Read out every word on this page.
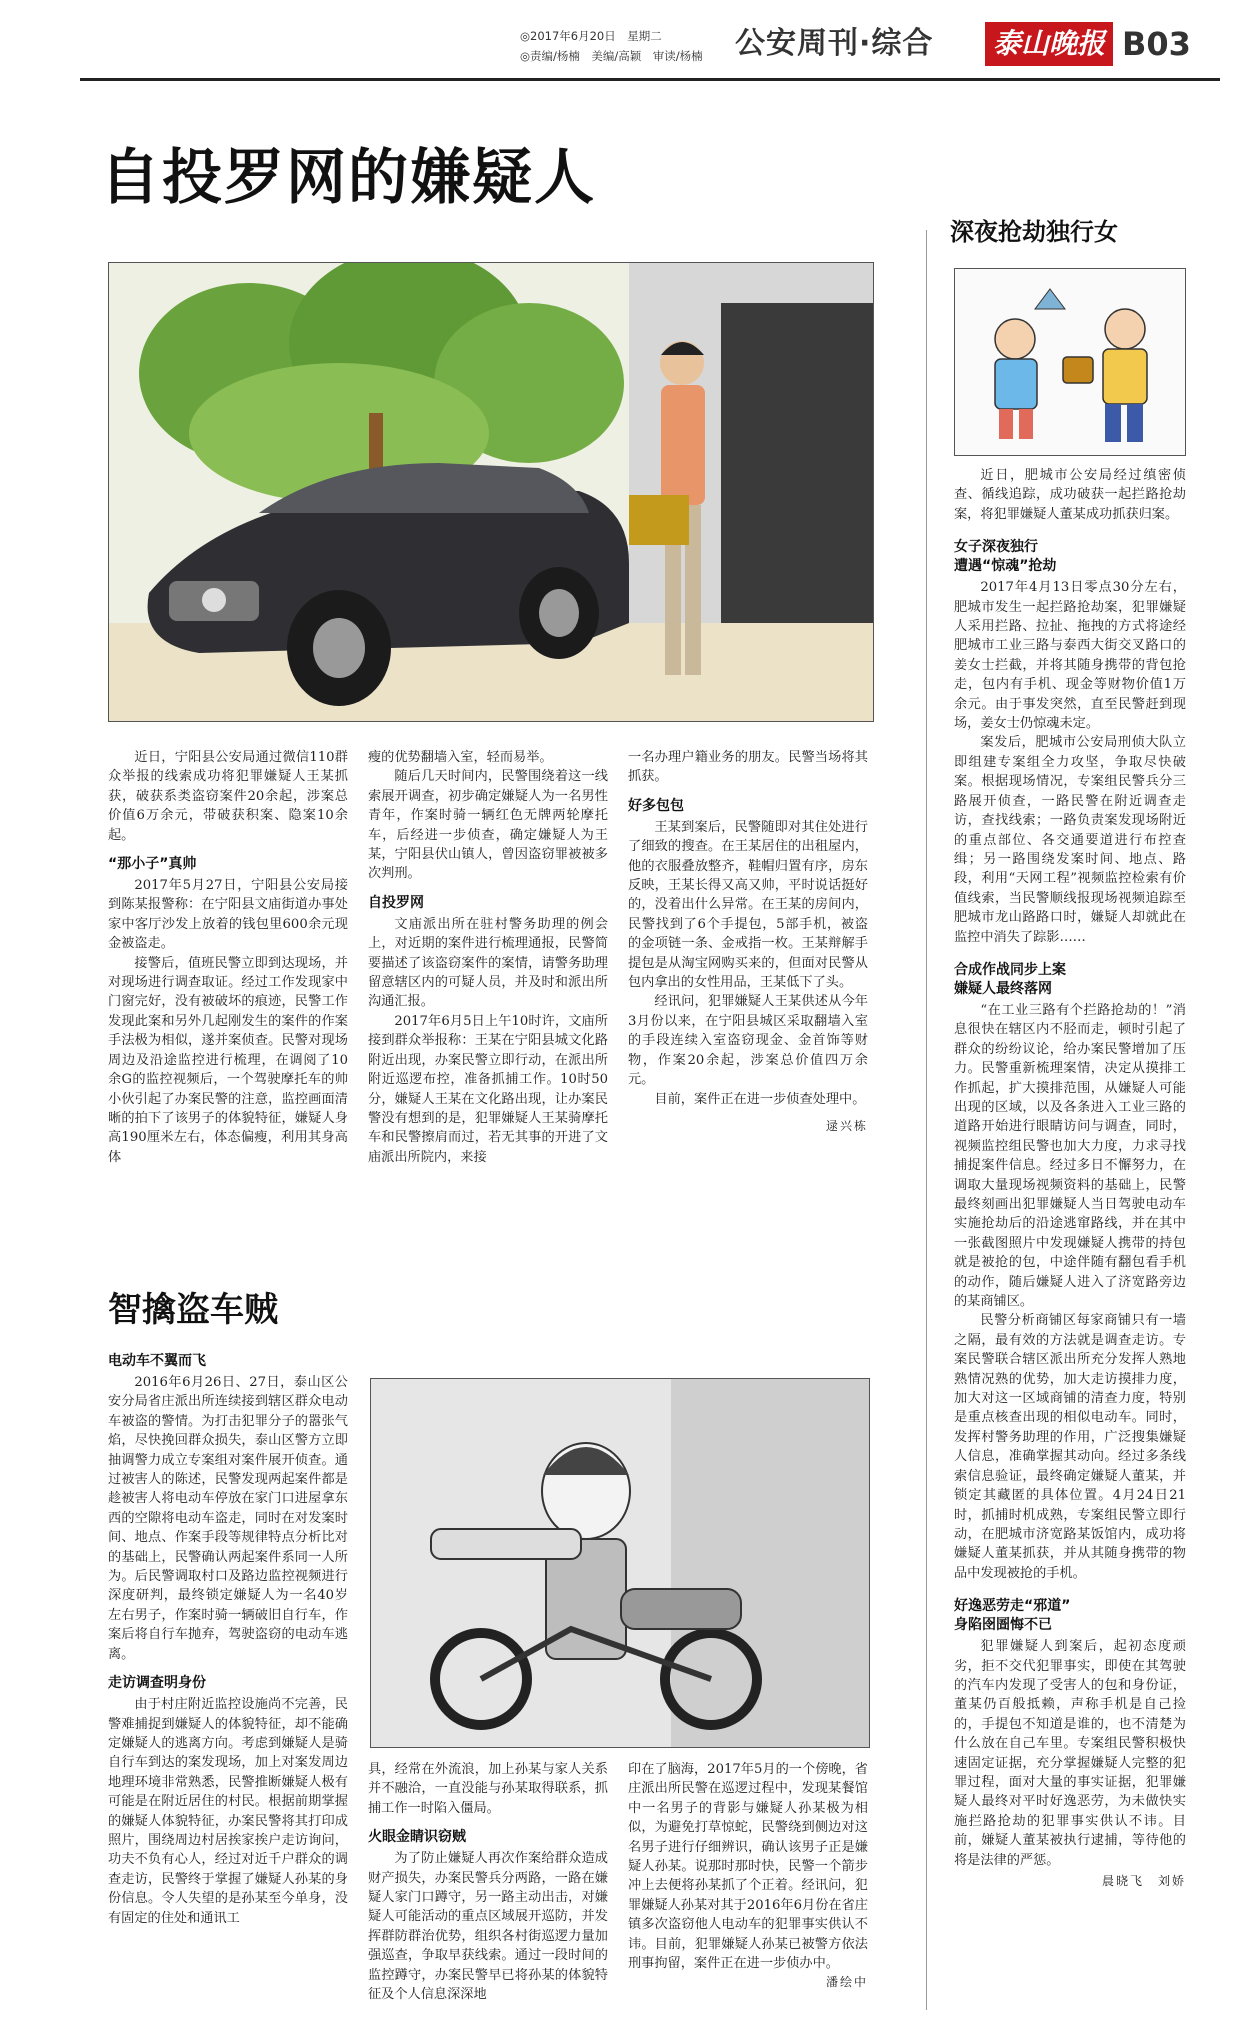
◎2017年6月20日　星期二
◎责编/杨楠　美编/高颖　审读/杨楠 公安周刊·综合 泰山晚报 B03
自投罗网的嫌疑人

近日，宁阳县公安局通过微信110群众举报的线索成功将犯罪嫌疑人王某抓获，破获系类盗窃案件20余起，涉案总价值6万余元，带破获积案、隐案10余起。

“那小子”真帅

2017年5月27日，宁阳县公安局接到陈某报警称：在宁阳县文庙街道办事处家中客厅沙发上放着的钱包里600余元现金被盗走。

接警后，值班民警立即到达现场，并对现场进行调查取证。经过工作发现家中门窗完好，没有被破坏的痕迹，民警工作发现此案和另外几起刚发生的案件的作案手法极为相似，遂并案侦查。民警对现场周边及沿途监控进行梳理，在调阅了10余G的监控视频后，一个驾驶摩托车的帅小伙引起了办案民警的注意，监控画面清晰的拍下了该男子的体貌特征，嫌疑人身高190厘米左右，体态偏瘦，利用其身高体

瘦的优势翻墙入室，轻而易举。

随后几天时间内，民警围绕着这一线索展开调查，初步确定嫌疑人为一名男性青年，作案时骑一辆红色无牌两轮摩托车，后经进一步侦查，确定嫌疑人为王某，宁阳县伏山镇人，曾因盗窃罪被被多次判刑。

自投罗网

文庙派出所在驻村警务助理的例会上，对近期的案件进行梳理通报，民警简要描述了该盗窃案件的案情，请警务助理留意辖区内的可疑人员，并及时和派出所沟通汇报。

2017年6月5日上午10时许，文庙所接到群众举报称：王某在宁阳县城文化路附近出现，办案民警立即行动，在派出所附近巡逻布控，准备抓捕工作。10时50分，嫌疑人王某在文化路出现，让办案民警没有想到的是，犯罪嫌疑人王某骑摩托车和民警擦肩而过，若无其事的开进了文庙派出所院内，来接

一名办理户籍业务的朋友。民警当场将其抓获。

好多包包

王某到案后，民警随即对其住处进行了细致的搜查。在王某居住的出租屋内，他的衣服叠放整齐，鞋帽归置有序，房东反映，王某长得又高又帅，平时说话挺好的，没着出什么异常。在王某的房间内，民警找到了6个手提包，5部手机，被盗的金项链一条、金戒指一枚。王某辩解手提包是从淘宝网购买来的，但面对民警从包内拿出的女性用品，王某低下了头。

经讯问，犯罪嫌疑人王某供述从今年3月份以来，在宁阳县城区采取翻墙入室的手段连续入室盗窃现金、金首饰等财物，作案20余起，涉案总价值四万余元。

目前，案件正在进一步侦查处理中。

逯兴栋

智擒盗车贼
电动车不翼而飞

2016年6月26日、27日，泰山区公安分局省庄派出所连续接到辖区群众电动车被盗的警情。为打击犯罪分子的嚣张气焰，尽快挽回群众损失，泰山区警方立即抽调警力成立专案组对案件展开侦查。通过被害人的陈述，民警发现两起案件都是趁被害人将电动车停放在家门口进屋拿东西的空隙将电动车盗走，同时在对发案时间、地点、作案手段等规律特点分析比对的基础上，民警确认两起案件系同一人所为。后民警调取村口及路边监控视频进行深度研判，最终锁定嫌疑人为一名40岁左右男子，作案时骑一辆破旧自行车，作案后将自行车抛弃，驾驶盗窃的电动车逃离。

走访调查明身份

由于村庄附近监控设施尚不完善，民警难捕捉到嫌疑人的体貌特征，却不能确定嫌疑人的逃离方向。考虑到嫌疑人是骑自行车到达的案发现场，加上对案发周边地理环境非常熟悉，民警推断嫌疑人极有可能是在附近居住的村民。根据前期掌握的嫌疑人体貌特征，办案民警将其打印成照片，围绕周边村居挨家挨户走访询问，功夫不负有心人，经过对近千户群众的调查走访，民警终于掌握了嫌疑人孙某的身份信息。令人失望的是孙某至今单身，没有固定的住处和通讯工

具，经常在外流浪，加上孙某与家人关系并不融洽，一直没能与孙某取得联系，抓捕工作一时陷入僵局。

火眼金睛识窃贼

为了防止嫌疑人再次作案给群众造成财产损失，办案民警兵分两路，一路在嫌疑人家门口蹲守，另一路主动出击，对嫌疑人可能活动的重点区域展开巡防，并发挥群防群治优势，组织各村街巡逻力量加强巡查，争取早获线索。通过一段时间的监控蹲守，办案民警早已将孙某的体貌特征及个人信息深深地

印在了脑海，2017年5月的一个傍晚，省庄派出所民警在巡逻过程中，发现某餐馆中一名男子的背影与嫌疑人孙某极为相似，为避免打草惊蛇，民警绕到侧边对这名男子进行仔细辨识，确认该男子正是嫌疑人孙某。说那时那时快，民警一个箭步冲上去便将孙某抓了个正着。经讯问，犯罪嫌疑人孙某对其于2016年6月份在省庄镇多次盗窃他人电动车的犯罪事实供认不讳。目前，犯罪嫌疑人孙某已被警方依法刑事拘留，案件正在进一步侦办中。

潘绘中

深夜抢劫独行女

近日，肥城市公安局经过缜密侦查、循线追踪，成功破获一起拦路抢劫案，将犯罪嫌疑人董某成功抓获归案。

女子深夜独行
遭遇“惊魂”抢劫

2017年4月13日零点30分左右，肥城市发生一起拦路抢劫案，犯罪嫌疑人采用拦路、拉扯、拖拽的方式将途经肥城市工业三路与泰西大街交叉路口的姜女士拦截，并将其随身携带的背包抢走，包内有手机、现金等财物价值1万余元。由于事发突然，直至民警赶到现场，姜女士仍惊魂未定。

案发后，肥城市公安局刑侦大队立即组建专案组全力攻坚，争取尽快破案。根据现场情况，专案组民警兵分三路展开侦查，一路民警在附近调查走访，查找线索；一路负责案发现场附近的重点部位、各交通要道进行布控查缉；另一路围绕发案时间、地点、路段，利用“天网工程”视频监控检索有价值线索，当民警顺线报现场视频追踪至肥城市龙山路路口时，嫌疑人却就此在监控中消失了踪影……

合成作战同步上案
嫌疑人最终落网

“在工业三路有个拦路抢劫的！”消息很快在辖区内不胫而走，顿时引起了群众的纷纷议论，给办案民警增加了压力。民警重新梳理案情，决定从摸排工作抓起，扩大摸排范围，从嫌疑人可能出现的区域，以及各条进入工业三路的道路开始进行眼睛访问与调查，同时，视频监控组民警也加大力度，力求寻找捕捉案件信息。经过多日不懈努力，在调取大量现场视频资料的基础上，民警最终刻画出犯罪嫌疑人当日驾驶电动车实施抢劫后的沿途逃窜路线，并在其中一张截图照片中发现嫌疑人携带的持包就是被抢的包，中途伴随有翻包看手机的动作，随后嫌疑人进入了济宽路旁边的某商铺区。

民警分析商铺区每家商铺只有一墙之隔，最有效的方法就是调查走访。专案民警联合辖区派出所充分发挥人熟地熟情况熟的优势，加大走访摸排力度，加大对这一区域商铺的清查力度，特别是重点核查出现的相似电动车。同时，发挥村警务助理的作用，广泛搜集嫌疑人信息，准确掌握其动向。经过多条线索信息验证，最终确定嫌疑人董某，并锁定其藏匿的具体位置。4月24日21时，抓捕时机成熟，专案组民警立即行动，在肥城市济宽路某饭馆内，成功将嫌疑人董某抓获，并从其随身携带的物品中发现被抢的手机。

好逸恶劳走“邪道”
身陷囹圄悔不已

犯罪嫌疑人到案后，起初态度顽劣，拒不交代犯罪事实，即使在其驾驶的汽车内发现了受害人的包和身份证，董某仍百般抵赖，声称手机是自己捡的，手提包不知道是谁的，也不清楚为什么放在自己车里。专案组民警积极快速固定证据，充分掌握嫌疑人完整的犯罪过程，面对大量的事实证据，犯罪嫌疑人最终对平时好逸恶劳，为未做快实施拦路抢劫的犯罪事实供认不讳。目前，嫌疑人董某被执行逮捕，等待他的将是法律的严惩。

晨晓飞　刘娇
